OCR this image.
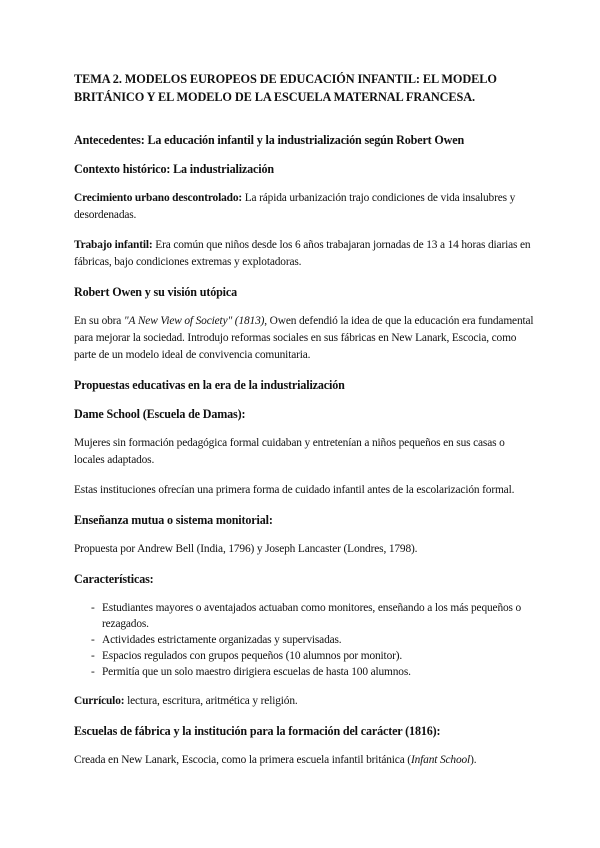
TEMA 2. MODELOS EUROPEOS DE EDUCACIÓN INFANTIL: EL MODELO BRITÁNICO Y EL MODELO DE LA ESCUELA MATERNAL FRANCESA.
Antecedentes: La educación infantil y la industrialización según Robert Owen
Contexto histórico: La industrialización

Crecimiento urbano descontrolado: La rápida urbanización trajo condiciones de vida insalubres y desordenadas.

Trabajo infantil: Era común que niños desde los 6 años trabajaran jornadas de 13 a 14 horas diarias en fábricas, bajo condiciones extremas y explotadoras.

Robert Owen y su visión utópica

En su obra "A New View of Society" (1813), Owen defendió la idea de que la educación era fundamental para mejorar la sociedad. Introdujo reformas sociales en sus fábricas en New Lanark, Escocia, como parte de un modelo ideal de convivencia comunitaria.

Propuestas educativas en la era de la industrialización
Dame School (Escuela de Damas):

Mujeres sin formación pedagógica formal cuidaban y entretenían a niños pequeños en sus casas o locales adaptados.

Estas instituciones ofrecían una primera forma de cuidado infantil antes de la escolarización formal.

Enseñanza mutua o sistema monitorial:

Propuesta por Andrew Bell (India, 1796) y Joseph Lancaster (Londres, 1798).

Características:
- Estudiantes mayores o aventajados actuaban como monitores, enseñando a los más pequeños o rezagados.
- Actividades estrictamente organizadas y supervisadas.
- Espacios regulados con grupos pequeños (10 alumnos por monitor).
- Permitía que un solo maestro dirigiera escuelas de hasta 100 alumnos.

Currículo: lectura, escritura, aritmética y religión.

Escuelas de fábrica y la institución para la formación del carácter (1816):

Creada en New Lanark, Escocia, como la primera escuela infantil británica (Infant School).
